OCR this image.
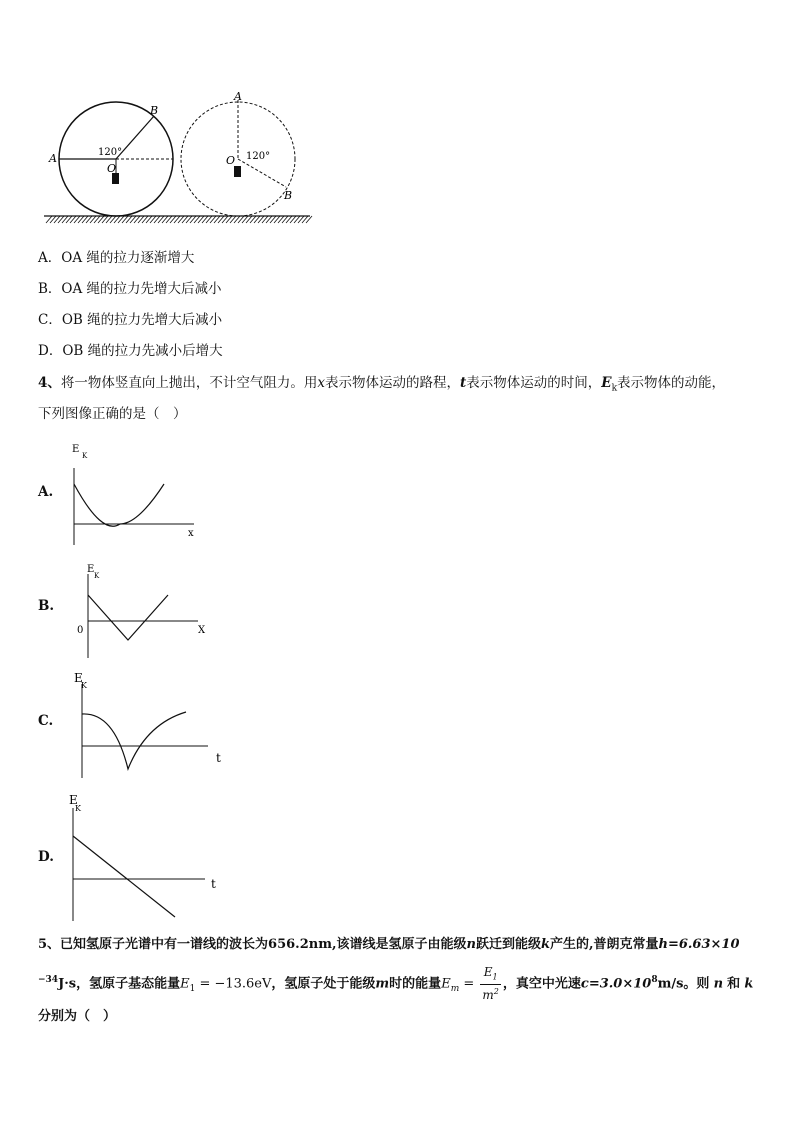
A
B
O
120°
A
B
O 120°
A．OA 绳的拉力逐渐增大
B．OA 绳的拉力先增大后减小
C．OB 绳的拉力先增大后减小
D．OB 绳的拉力先减小后增大
4、将一物体竖直向上抛出，不计空气阻力。用x表示物体运动的路程，t表示物体运动的时间，$E_k$表示物体的动能，
下列图像正确的是（　）
A.
E
K
x
B.
E
K
X
0
C.
E
K
t
D.
E
K
t
5、已知氢原子光谱中有一谱线的波长为656.2nm,该谱线是氢原子由能级n跃迁到能级k产生的,普朗克常量h=6.63×10
$^{-34}$J·s，氢原子基态能量$E_1 = -13.6eV$，氢原子处于能级m时的能量$E_m = \frac{E_1}{m^2}$ ，真空中光速$c=3.0\times 10^8m/s$。则 n 和 k
分别为（　）
